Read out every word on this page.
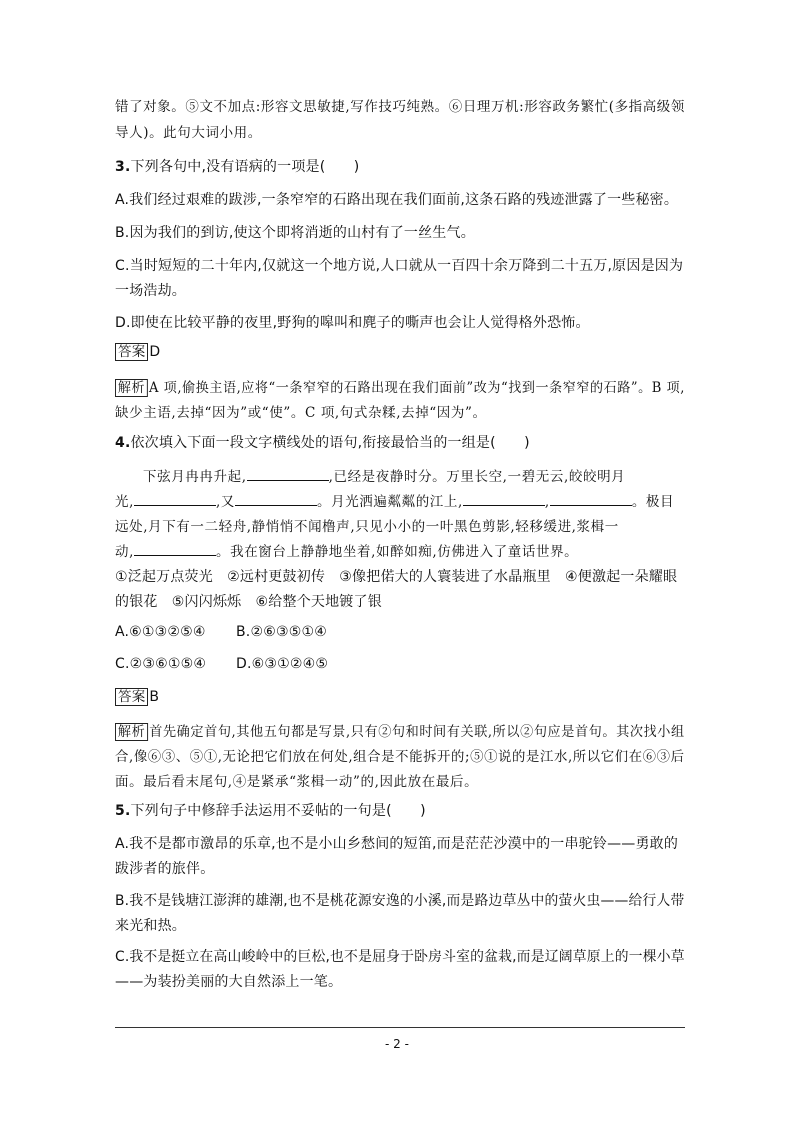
错了对象。⑤文不加点:形容文思敏捷,写作技巧纯熟。⑥日理万机:形容政务繁忙(多指高级领
导人)。此句大词小用。
3.下列各句中,没有语病的一项是(　　)
A.我们经过艰难的跋涉,一条窄窄的石路出现在我们面前,这条石路的残迹泄露了一些秘密。
B.因为我们的到访,使这个即将消逝的山村有了一丝生气。
C.当时短短的二十年内,仅就这一个地方说,人口就从一百四十余万降到二十五万,原因是因为
一场浩劫。
D.即使在比较平静的夜里,野狗的嗥叫和麂子的嘶声也会让人觉得格外恐怖。
答案 D
解析 A 项,偷换主语,应将“一条窄窄的石路出现在我们面前”改为“找到一条窄窄的石路”。B 项,
缺少主语,去掉“因为”或“使”。C 项,句式杂糅,去掉“因为”。
4.依次填入下面一段文字横线处的语句,衔接最恰当的一组是(　　)
下弦月冉冉升起,	,已经是夜静时分。万里长空,一碧无云,皎皎明月
光,	,又	。月光洒遍粼粼的江上,	,	。极目
远处,月下有一二轻舟,静悄悄不闻橹声,只见小小的一叶黑色剪影,轻移缓进,浆楫一
动,	。我在窗台上静静地坐着,如醉如痴,仿佛进入了童话世界。
①泛起万点荧光　②远村更鼓初传　③像把偌大的人寰装进了水晶瓶里　④便激起一朵耀眼
的银花　⑤闪闪烁烁　⑥给整个天地镀了银
A.⑥①③②⑤④ B.②⑥③⑤①④
C.②③⑥①⑤④ D.⑥③①②④⑤
答案 B
解析 首先确定首句,其他五句都是写景,只有②句和时间有关联,所以②句应是首句。其次找小组
合,像⑥③、⑤①,无论把它们放在何处,组合是不能拆开的;⑤①说的是江水,所以它们在⑥③后
面。最后看末尾句,④是紧承“浆楫一动”的,因此放在最后。
5.下列句子中修辞手法运用不妥帖的一句是(　　)
A.我不是都市激昂的乐章,也不是小山乡愁间的短笛,而是茫茫沙漠中的一串驼铃——勇敢的
跋涉者的旅伴。
B.我不是钱塘江澎湃的雄潮,也不是桃花源安逸的小溪,而是路边草丛中的萤火虫——给行人带
来光和热。
C.我不是挺立在高山峻岭中的巨松,也不是屈身于卧房斗室的盆栽,而是辽阔草原上的一棵小草
——为装扮美丽的大自然添上一笔。
- 2 -
